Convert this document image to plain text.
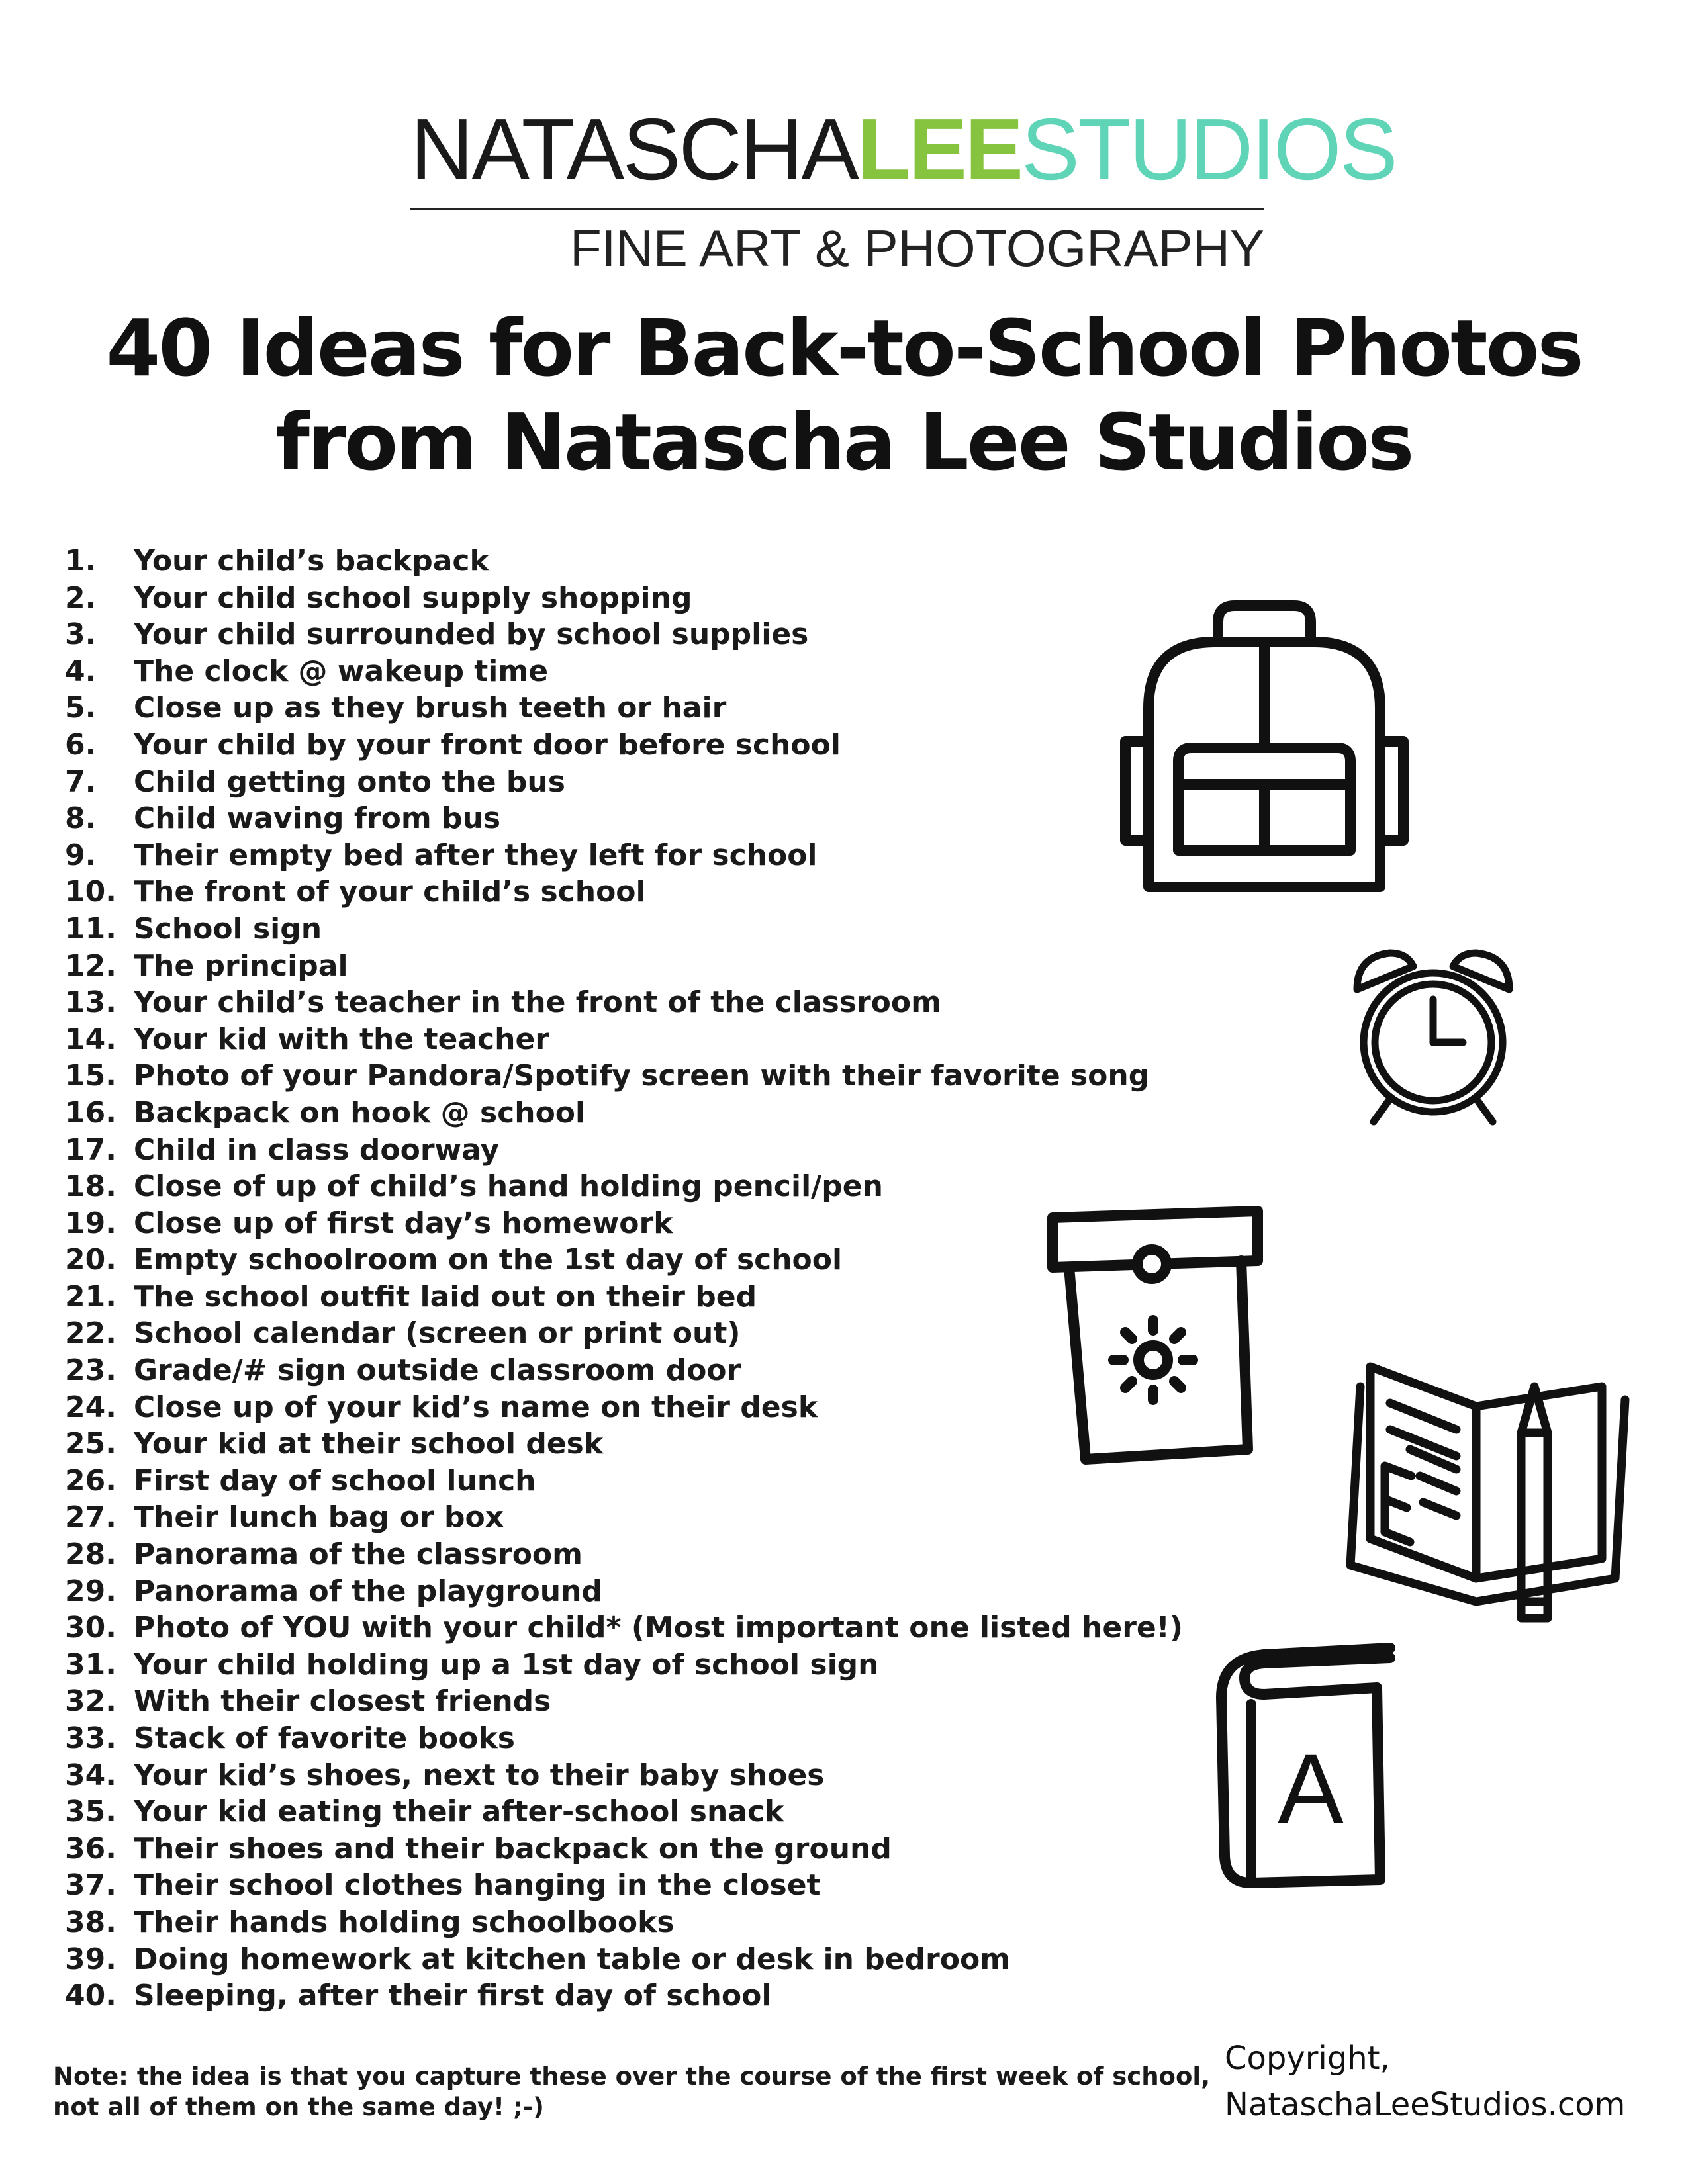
NATASCHA LEE STUDIOS
FINE ART & PHOTOGRAPHY
40 Ideas for Back-to-School Photos
from Natascha Lee Studios
1.	Your child’s backpack
2.	Your child school supply shopping
3.	Your child surrounded by school supplies
4.	The clock @ wakeup time
5.	Close up as they brush teeth or hair
6.	Your child by your front door before school
7.	Child getting onto the bus
8.	Child waving from bus
9.	Their empty bed after they left for school
10. The front of your child’s school
11. School sign
12. The principal
13. Your child’s teacher in the front of the classroom
14. Your kid with the teacher
15. Photo of your Pandora/Spotify screen with their favorite song
16. Backpack on hook @ school
17. Child in class doorway
18. Close of up of child’s hand holding pencil/pen
19. Close up of first day’s homework
20. Empty schoolroom on the 1st day of school
21. The school outfit laid out on their bed
22. School calendar (screen or print out)
23. Grade/# sign outside classroom door
24. Close up of your kid’s name on their desk
25. Your kid at their school desk
26. First day of school lunch
27. Their lunch bag or box
28. Panorama of the classroom
29. Panorama of the playground
30. Photo of YOU with your child* (Most important one listed here!)
31. Your child holding up a 1st day of school sign
32. With their closest friends
33. Stack of favorite books
34. Your kid’s shoes, next to their baby shoes
35. Your kid eating their after-school snack
36. Their shoes and their backpack on the ground
37. Their school clothes hanging in the closet
38. Their hands holding schoolbooks
39. Doing homework at kitchen table or desk in bedroom
40. Sleeping, after their first day of school
A
Note: the idea is that you capture these over the course of the first week of school,
not all of them on the same day! ;-)
Copyright,
NataschaLeeStudios.com
